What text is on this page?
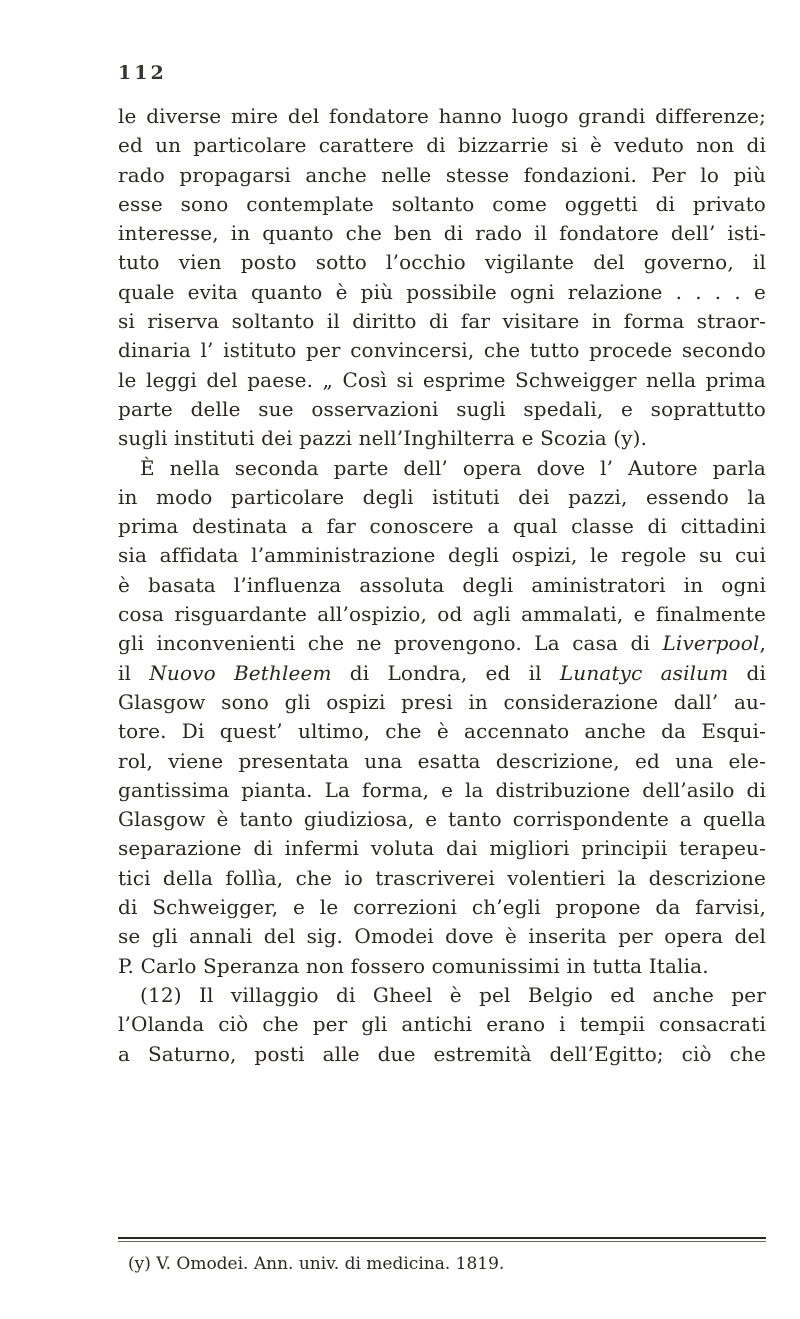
112
le diverse mire del fondatore hanno luogo grandi differenze;
ed un particolare carattere di bizzarrie si è veduto non di
rado propagarsi anche nelle stesse fondazioni. Per lo più
esse sono contemplate soltanto come oggetti di privato
interesse, in quanto che ben di rado il fondatore dell’ isti-
tuto vien posto sotto l’occhio vigilante del governo, il
quale evita quanto è più possibile ogni relazione . . . . e
si riserva soltanto il diritto di far visitare in forma straor-
dinaria l’ istituto per convincersi, che tutto procede secondo
le leggi del paese. „ Così si esprime Schweigger nella prima
parte delle sue osservazioni sugli spedali, e soprattutto
sugli instituti dei pazzi nell’Inghilterra e Scozia (y).
È nella seconda parte dell’ opera dove l’ Autore parla
in modo particolare degli istituti dei pazzi, essendo la
prima destinata a far conoscere a qual classe di cittadini
sia affidata l’amministrazione degli ospizi, le regole su cui
è basata l’influenza assoluta degli aministratori in ogni
cosa risguardante all’ospizio, od agli ammalati, e finalmente
gli inconvenienti che ne provengono. La casa di Liverpool,
il Nuovo Bethleem di Londra, ed il Lunatyc asilum di
Glasgow sono gli ospizi presi in considerazione dall’ au-
tore. Di quest’ ultimo, che è accennato anche da Esqui-
rol, viene presentata una esatta descrizione, ed una ele-
gantissima pianta. La forma, e la distribuzione dell’asilo di
Glasgow è tanto giudiziosa, e tanto corrispondente a quella
separazione di infermi voluta dai migliori principii terapeu-
tici della follìa, che io trascriverei volentieri la descrizione
di Schweigger, e le correzioni ch’egli propone da farvisi,
se gli annali del sig. Omodei dove è inserita per opera del
P. Carlo Speranza non fossero comunissimi in tutta Italia.
(12) Il villaggio di Gheel è pel Belgio ed anche per
l’Olanda ciò che per gli antichi erano i tempii consacrati
a Saturno, posti alle due estremità dell’Egitto; ciò che
(y) V. Omodei. Ann. univ. di medicina. 1819.
